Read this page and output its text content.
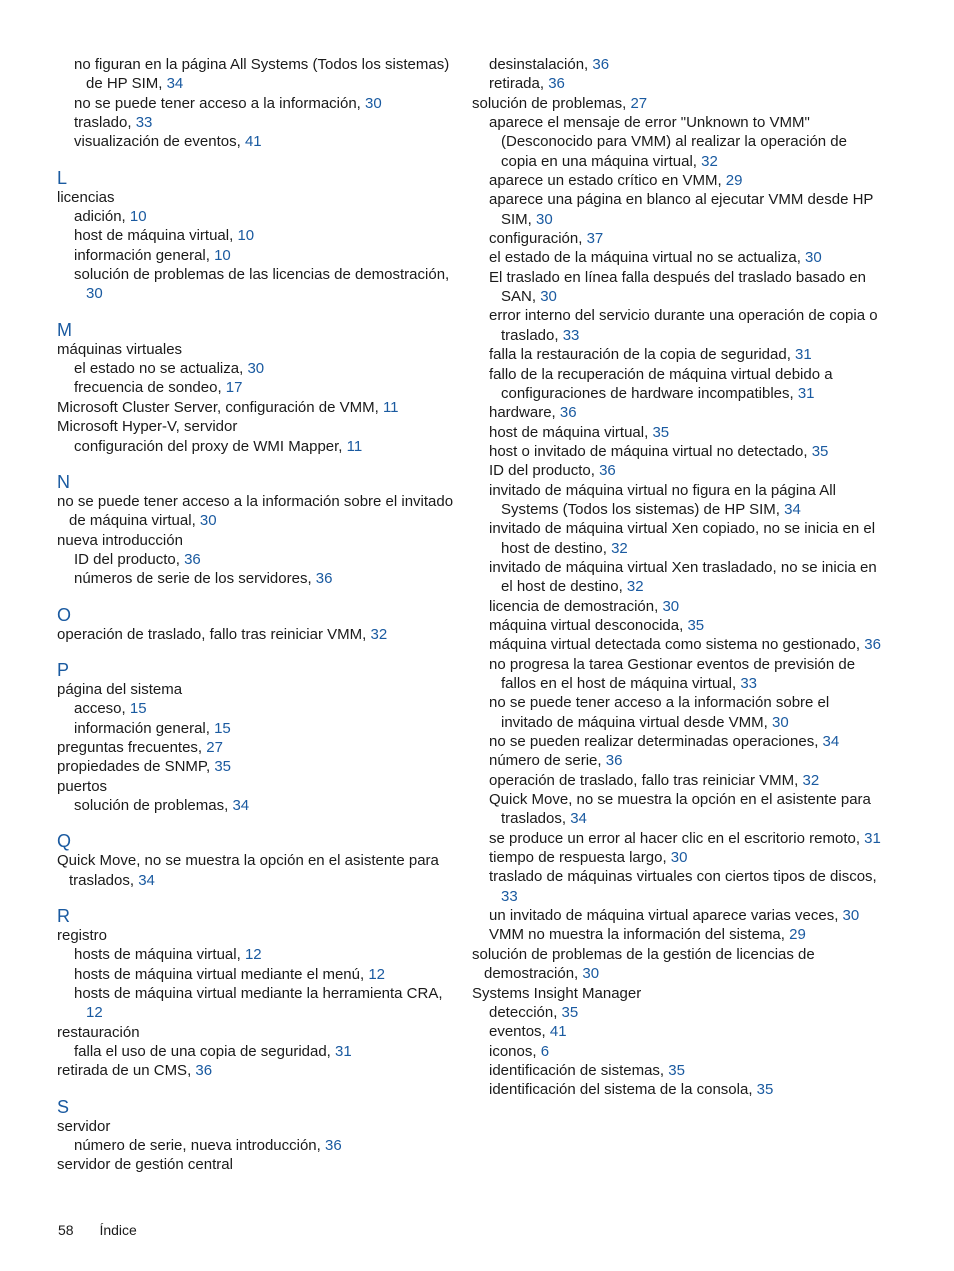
no figuran en la página All Systems (Todos los sistemas) de HP SIM, 34
no se puede tener acceso a la información, 30
traslado, 33
visualización de eventos, 41
L
licencias
adición, 10
host de máquina virtual, 10
información general, 10
solución de problemas de las licencias de demostración, 30
M
máquinas virtuales
el estado no se actualiza, 30
frecuencia de sondeo, 17
Microsoft Cluster Server, configuración de VMM, 11
Microsoft Hyper-V, servidor
configuración del proxy de WMI Mapper, 11
N
no se puede tener acceso a la información sobre el invitado de máquina virtual, 30
nueva introducción
ID del producto, 36
números de serie de los servidores, 36
O
operación de traslado, fallo tras reiniciar VMM, 32
P
página del sistema
acceso, 15
información general, 15
preguntas frecuentes, 27
propiedades de SNMP, 35
puertos
solución de problemas, 34
Q
Quick Move, no se muestra la opción en el asistente para traslados, 34
R
registro
hosts de máquina virtual, 12
hosts de máquina virtual mediante el menú, 12
hosts de máquina virtual mediante la herramienta CRA, 12
restauración
falla el uso de una copia de seguridad, 31
retirada de un CMS, 36
S
servidor
número de serie, nueva introducción, 36
servidor de gestión central
desinstalación, 36
retirada, 36
solución de problemas, 27
aparece el mensaje de error "Unknown to VMM" (Desconocido para VMM) al realizar la operación de copia en una máquina virtual, 32
aparece un estado crítico en VMM, 29
aparece una página en blanco al ejecutar VMM desde HP SIM, 30
configuración, 37
el estado de la máquina virtual no se actualiza, 30
El traslado en línea falla después del traslado basado en SAN, 30
error interno del servicio durante una operación de copia o traslado, 33
falla la restauración de la copia de seguridad, 31
fallo de la recuperación de máquina virtual debido a configuraciones de hardware incompatibles, 31
hardware, 36
host de máquina virtual, 35
host o invitado de máquina virtual no detectado, 35
ID del producto, 36
invitado de máquina virtual no figura en la página All Systems (Todos los sistemas) de HP SIM, 34
invitado de máquina virtual Xen copiado, no se inicia en el host de destino, 32
invitado de máquina virtual Xen trasladado, no se inicia en el host de destino, 32
licencia de demostración, 30
máquina virtual desconocida, 35
máquina virtual detectada como sistema no gestionado, 36
no progresa la tarea Gestionar eventos de previsión de fallos en el host de máquina virtual, 33
no se puede tener acceso a la información sobre el invitado de máquina virtual desde VMM, 30
no se pueden realizar determinadas operaciones, 34
número de serie, 36
operación de traslado, fallo tras reiniciar VMM, 32
Quick Move, no se muestra la opción en el asistente para traslados, 34
se produce un error al hacer clic en el escritorio remoto, 31
tiempo de respuesta largo, 30
traslado de máquinas virtuales con ciertos tipos de discos, 33
un invitado de máquina virtual aparece varias veces, 30
VMM no muestra la información del sistema, 29
solución de problemas de la gestión de licencias de demostración, 30
Systems Insight Manager
detección, 35
eventos, 41
iconos, 6
identificación de sistemas, 35
identificación del sistema de la consola, 35
58 Índice
